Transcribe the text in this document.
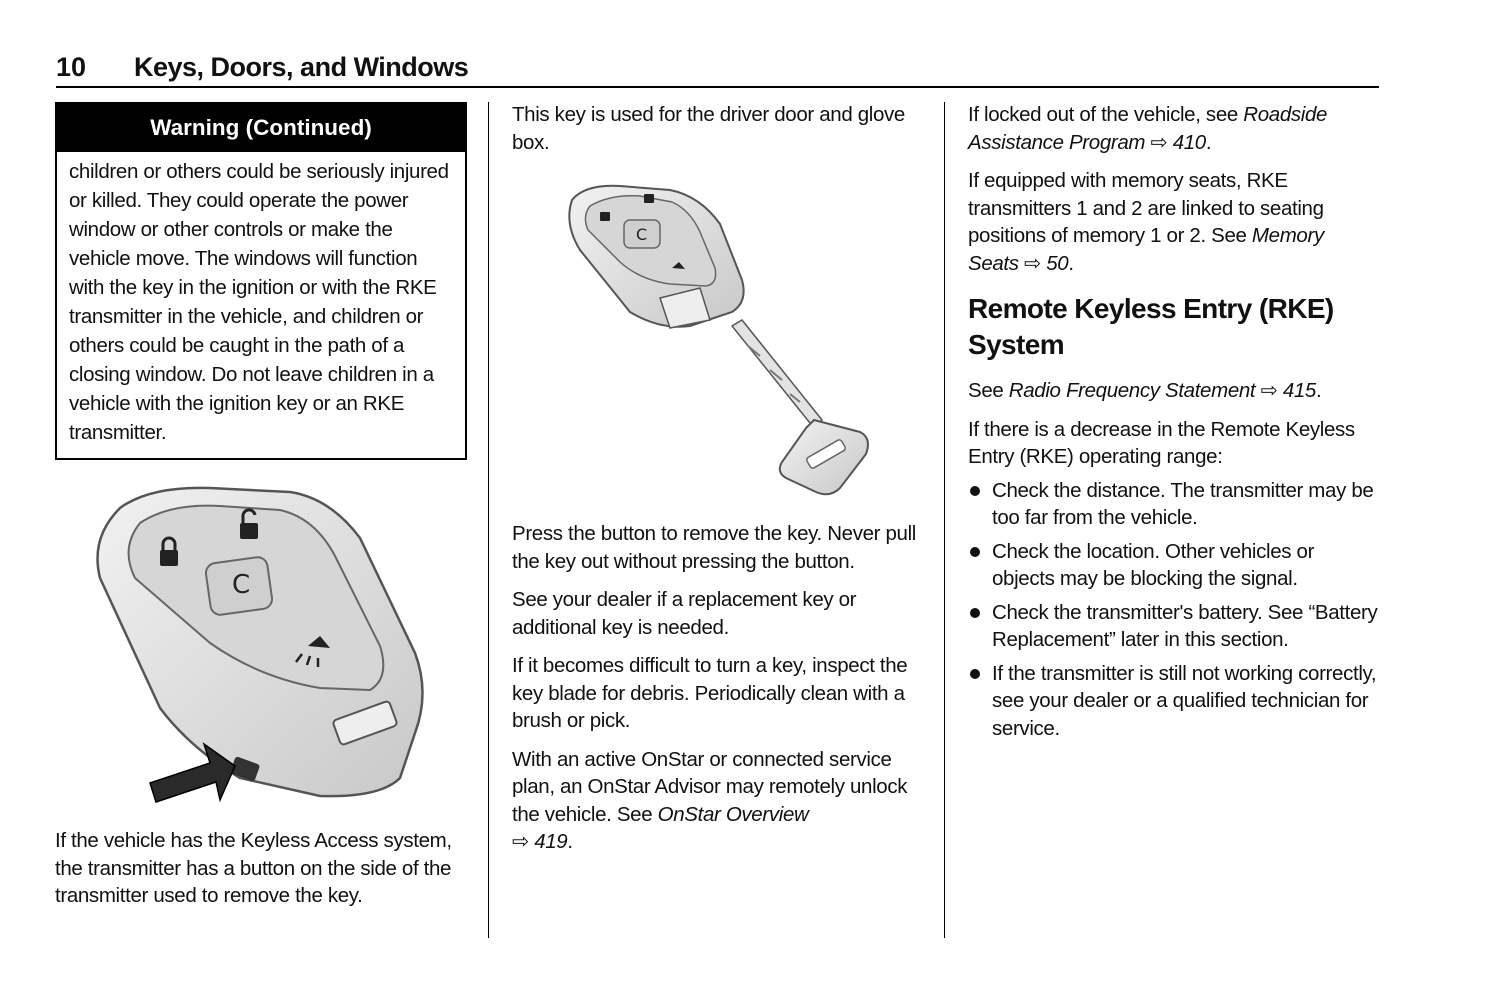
10 Keys, Doors, and Windows
Warning (Continued)
children or others could be seriously injured or killed. They could operate the power window or other controls or make the vehicle move. The windows will function with the key in the ignition or with the RKE transmitter in the vehicle, and children or others could be caught in the path of a closing window. Do not leave children in a vehicle with the ignition key or an RKE transmitter.
C
If the vehicle has the Keyless Access system, the transmitter has a button on the side of the transmitter used to remove the key.

This key is used for the driver door and glove box.

C

Press the button to remove the key. Never pull the key out without pressing the button.

See your dealer if a replacement key or additional key is needed.

If it becomes difficult to turn a key, inspect the key blade for debris. Periodically clean with a brush or pick.

With an active OnStar or connected service plan, an OnStar Advisor may remotely unlock the vehicle. See OnStar Overview
⇨ 419.

If locked out of the vehicle, see Roadside Assistance Program ⇨ 410.

If equipped with memory seats, RKE transmitters 1 and 2 are linked to seating positions of memory 1 or 2. See Memory Seats ⇨ 50.

Remote Keyless Entry (RKE) System

See Radio Frequency Statement ⇨ 415.

If there is a decrease in the Remote Keyless Entry (RKE) operating range:

Check the distance. The transmitter may be too far from the vehicle.
Check the location. Other vehicles or objects may be blocking the signal.
Check the transmitter's battery. See “Battery Replacement” later in this section.
If the transmitter is still not working correctly, see your dealer or a qualified technician for service.
